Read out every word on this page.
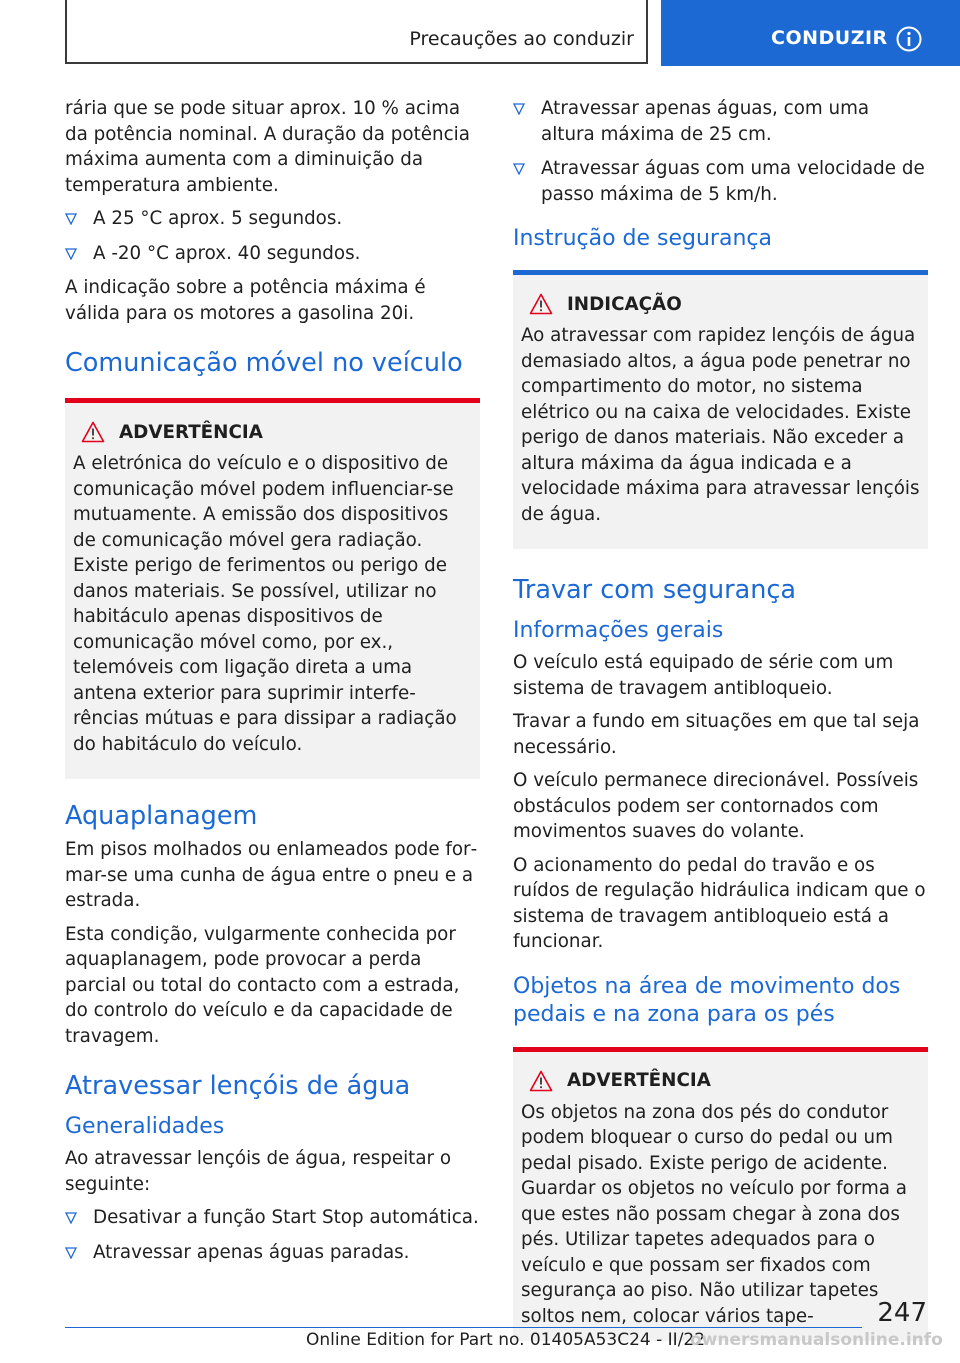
Precauções ao conduzir	CONDUZIR

rária que se pode situar aprox. 10 % acima da potência nominal. A duração da potência máxima aumenta com a diminuição da temperatura ambiente.

A 25 °C aprox. 5 segundos.
A -20 °C aprox. 40 segundos.

A indicação sobre a potência máxima é válida para os motores a gasolina 20i.

Comunicação móvel no veículo
ADVERTÊNCIA

A eletrónica do veículo e o dispositivo de comunicação móvel podem influenciar-se mutuamente. A emissão dos dispositivos de comunicação móvel gera radiação. Existe perigo de ferimentos ou perigo de danos materiais. Se possível, utilizar no habitáculo apenas dispositivos de comunicação móvel como, por ex., telemóveis com ligação direta a uma antena exterior para suprimir interferências mútuas e para dissipar a radiação do habitáculo do veículo.

Aquaplanagem

Em pisos molhados ou enlameados pode formar-se uma cunha de água entre o pneu e a estrada.

Esta condição, vulgarmente conhecida por aquaplanagem, pode provocar a perda parcial ou total do contacto com a estrada, do controlo do veículo e da capacidade de travagem.

Atravessar lençóis de água
Generalidades

Ao atravessar lençóis de água, respeitar o seguinte:

Desativar a função Start Stop automática.
Atravessar apenas águas paradas.
Atravessar apenas águas, com uma altura máxima de 25 cm.
Atravessar águas com uma velocidade de passo máxima de 5 km/h.
Instrução de segurança
INDICAÇÃO

Ao atravessar com rapidez lençóis de água demasiado altos, a água pode penetrar no compartimento do motor, no sistema elétrico ou na caixa de velocidades. Existe perigo de danos materiais. Não exceder a altura máxima da água indicada e a velocidade máxima para atravessar lençóis de água.

Travar com segurança
Informações gerais

O veículo está equipado de série com um sistema de travagem antibloqueio.

Travar a fundo em situações em que tal seja necessário.

O veículo permanece direcionável. Possíveis obstáculos podem ser contornados com movimentos suaves do volante.

O acionamento do pedal do travão e os ruídos de regulação hidráulica indicam que o sistema de travagem antibloqueio está a funcionar.

Objetos na área de movimento dos pedais e na zona para os pés
ADVERTÊNCIA

Os objetos na zona dos pés do condutor podem bloquear o curso do pedal ou um pedal pisado. Existe perigo de acidente. Guardar os objetos no veículo por forma a que estes não possam chegar à zona dos pés. Utilizar tapetes adequados para o veículo e que possam ser fixados com segurança ao piso. Não utilizar tapetes soltos nem, colocar vários tape-	247
Online Edition for Part no. 01405A53C24 - II/22
ownersmanualsonline.info
